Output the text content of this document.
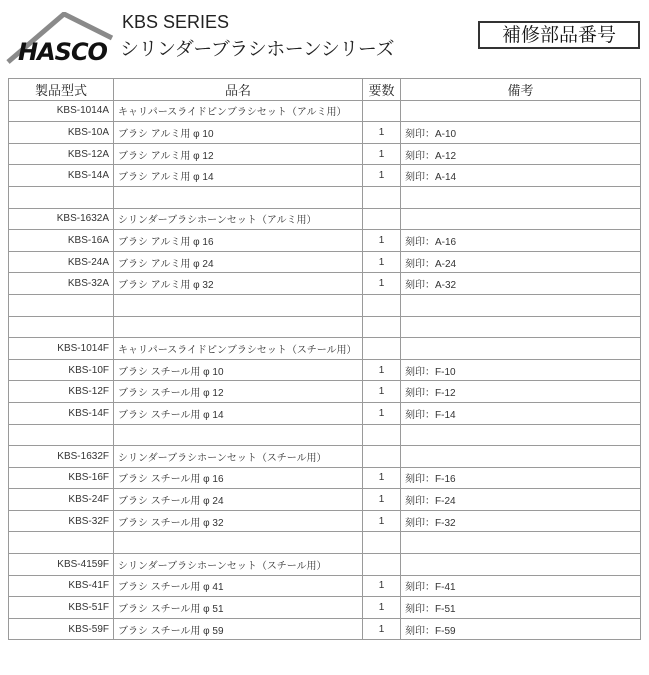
HASCO
KBS SERIES
シリンダーブラシホーンシリーズ
補修部品番号
製品型式	品名	要数	備考
KBS-1014A	キャリパースライドピンブラシセット（アルミ用）		
KBS-10A	ブラシ アルミ用 φ 10	1	刻印：A-10
KBS-12A	ブラシ アルミ用 φ 12	1	刻印：A-12
KBS-14A	ブラシ アルミ用 φ 14	1	刻印：A-14

KBS-1632A	シリンダーブラシホーンセット（アルミ用）		
KBS-16A	ブラシ アルミ用 φ 16	1	刻印：A-16
KBS-24A	ブラシ アルミ用 φ 24	1	刻印：A-24
KBS-32A	ブラシ アルミ用 φ 32	1	刻印：A-32

KBS-1014F	キャリパースライドピンブラシセット（スチール用）		
KBS-10F	ブラシ スチール用 φ 10	1	刻印：F-10
KBS-12F	ブラシ スチール用 φ 12	1	刻印：F-12
KBS-14F	ブラシ スチール用 φ 14	1	刻印：F-14

KBS-1632F	シリンダーブラシホーンセット（スチール用）		
KBS-16F	ブラシ スチール用 φ 16	1	刻印：F-16
KBS-24F	ブラシ スチール用 φ 24	1	刻印：F-24
KBS-32F	ブラシ スチール用 φ 32	1	刻印：F-32

KBS-4159F	シリンダーブラシホーンセット（スチール用）		
KBS-41F	ブラシ スチール用 φ 41	1	刻印：F-41
KBS-51F	ブラシ スチール用 φ 51	1	刻印：F-51
KBS-59F	ブラシ スチール用 φ 59	1	刻印：F-59
